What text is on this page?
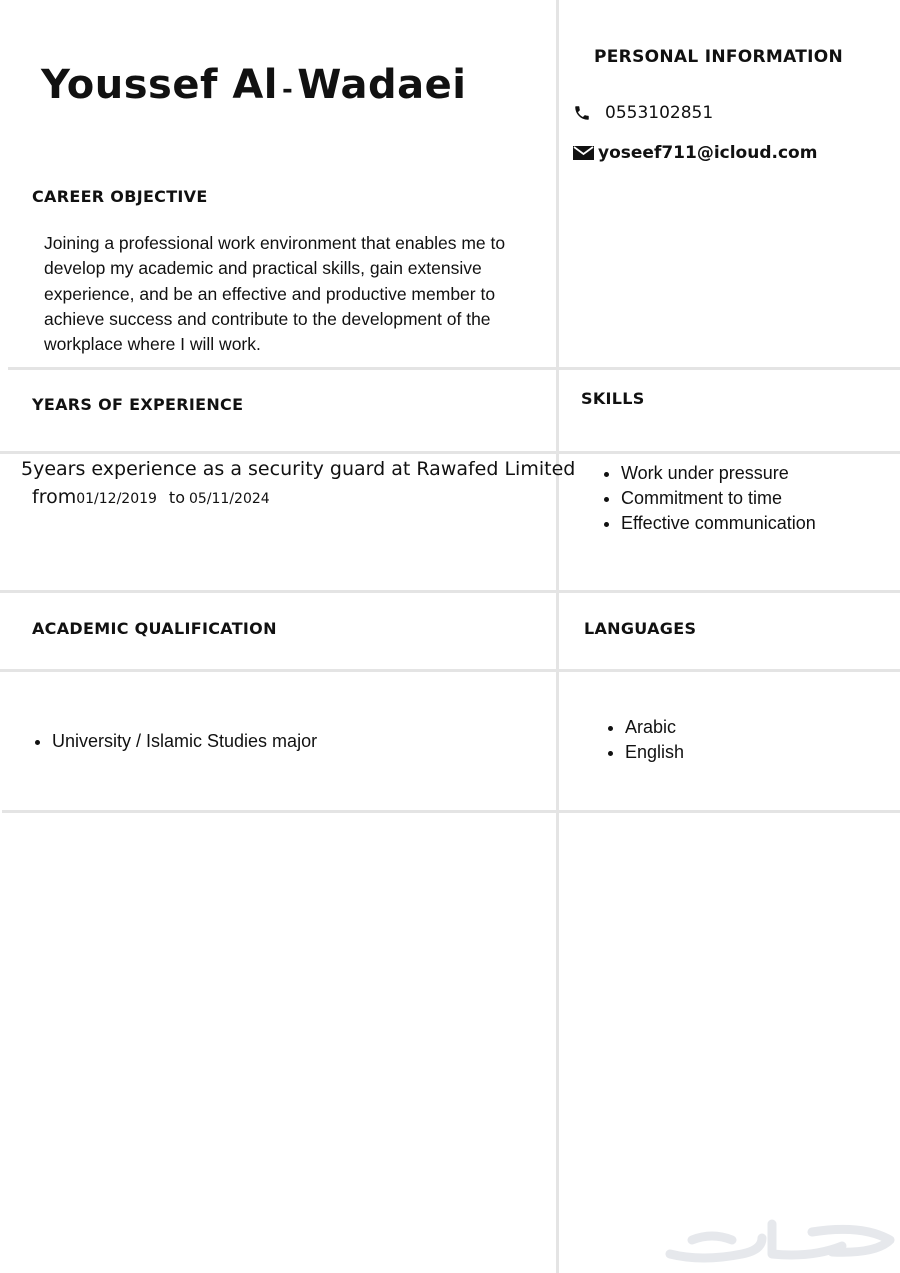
Youssef Al - Wadaei
PERSONAL INFORMATION
0553102851
yoseef711@icloud.com
CAREER OBJECTIVE
Joining a professional work environment that enables me to develop my academic and practical skills, gain extensive experience, and be an effective and productive member to achieve success and contribute to the development of the workplace where I will work.
YEARS OF EXPERIENCE
5years experience as a security guard at Rawafed Limited
from01/12/2019 to 05/11/2024
SKILLS
• Work under pressure
• Commitment to time
• Effective communication
ACADEMIC QUALIFICATION
• University / Islamic Studies major
LANGUAGES
• Arabic
• English
